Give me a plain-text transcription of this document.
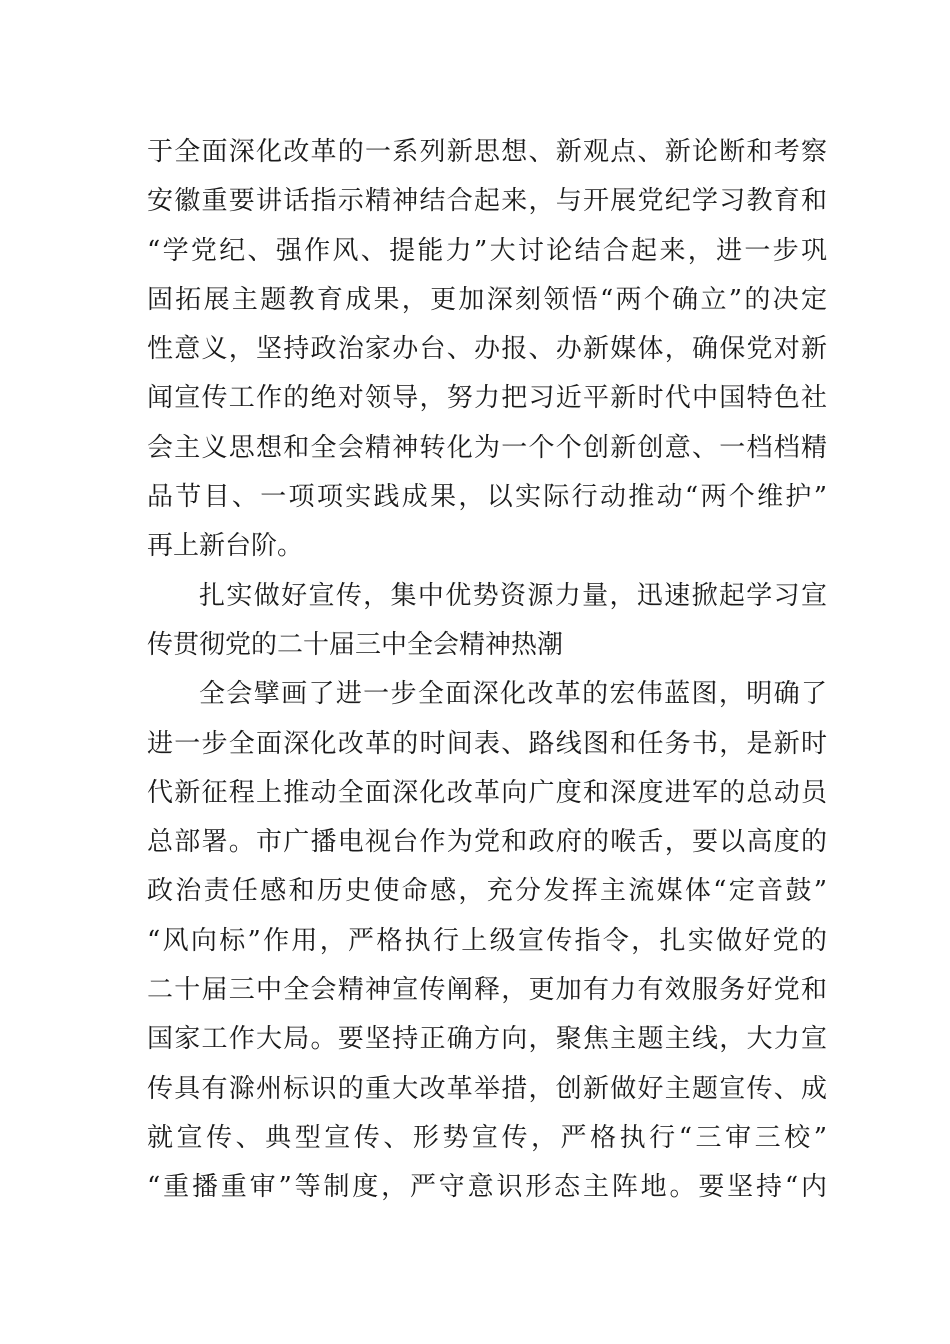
于全面深化改革的一系列新思想、新观点、新论断和考察
安徽重要讲话指示精神结合起来，与开展党纪学习教育和
“学党纪、强作风、提能力”大讨论结合起来，进一步巩
固拓展主题教育成果，更加深刻领悟“两个确立”的决定
性意义，坚持政治家办台、办报、办新媒体，确保党对新
闻宣传工作的绝对领导，努力把习近平新时代中国特色社
会主义思想和全会精神转化为一个个创新创意、一档档精
品节目、一项项实践成果，以实际行动推动“两个维护”
再上新台阶。
扎实做好宣传，集中优势资源力量，迅速掀起学习宣
传贯彻党的二十届三中全会精神热潮
全会擘画了进一步全面深化改革的宏伟蓝图，明确了
进一步全面深化改革的时间表、路线图和任务书，是新时
代新征程上推动全面深化改革向广度和深度进军的总动员
总部署。市广播电视台作为党和政府的喉舌，要以高度的
政治责任感和历史使命感，充分发挥主流媒体“定音鼓”
“风向标”作用，严格执行上级宣传指令，扎实做好党的
二十届三中全会精神宣传阐释，更加有力有效服务好党和
国家工作大局。要坚持正确方向，聚焦主题主线，大力宣
传具有滁州标识的重大改革举措，创新做好主题宣传、成
就宣传、典型宣传、形势宣传，严格执行“三审三校”
“重播重审”等制度，严守意识形态主阵地。要坚持“内
